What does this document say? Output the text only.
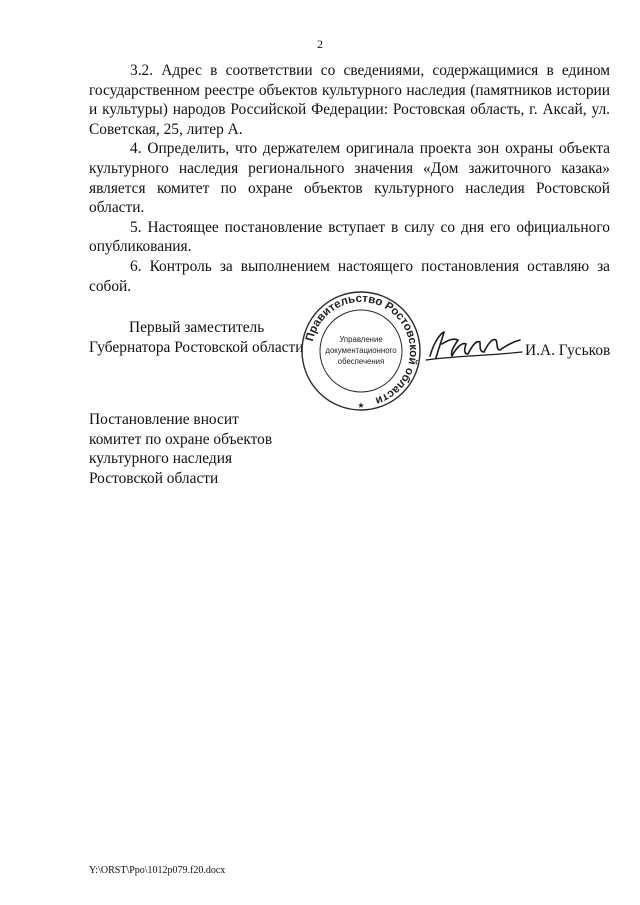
2

3.2. Адрес в соответствии со сведениями, содержащимися в едином государственном реестре объектов культурного наследия (памятников истории и культуры) народов Российской Федерации: Ростовская область, г. Аксай, ул. Советская, 25, литер А.

4. Определить, что держателем оригинала проекта зон охраны объекта культурного наследия регионального значения «Дом зажиточного казака» является комитет по охране объектов культурного наследия Ростовской области.

5. Настоящее постановление вступает в силу со дня его официального опубликования.

6. Контроль за выполнением настоящего постановления оставляю за собой.

Первый заместитель
Губернатора Ростовской области
Правительство Ростовской области
Управление
документационного
обеспечения
★
И.А. Гуськов
Постановление вносит
комитет по охране объектов
культурного наследия
Ростовской области
Y:\ORST\Ppo\1012p079.f20.docx
